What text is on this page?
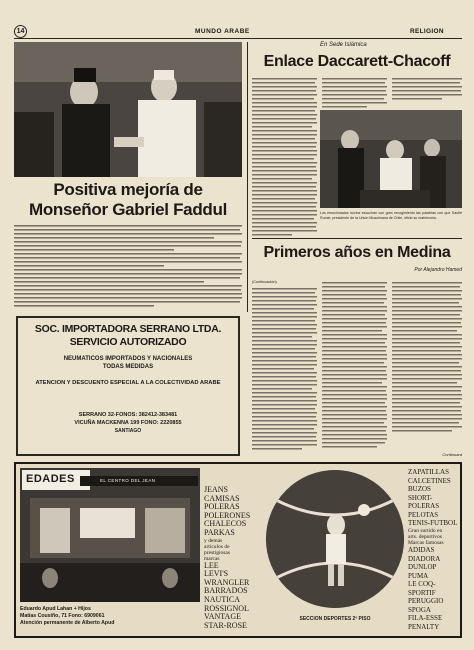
14	MUNDO ARABE	RELIGION
Positiva mejoría de
Monseñor Gabriel Faddul
En Sede Islámica
Enlace Daccarett-Chacoff
Los emocionados novios escuchan con gran recogimiento las palabras con que Saufié Rumie, presidente de la Unión Musulmana de Chile, ofició su matrimonio.
Primeros años en Medina
Por Alejandro Hamed
(Continuación)
Continuará
SOC. IMPORTADORA SERRANO LTDA.
SERVICIO AUTORIZADO
NEUMATICOS IMPORTADOS Y NACIONALES
TODAS MEDIDAS
ATENCION Y DESCUENTO ESPECIAL A LA COLECTIVIDAD ARABE
SERRANO 32-FONOS: 382412-383481
VICUÑA MACKENNA 199 FONO: 2220855
SANTIAGO
EDADES	EL CENTRO DEL JEAN
Eduardo Apud Lahan + Hijos
Matías Cousiño, 71 Fono: 6909061
Atención permanente de Alberto Apud
JEANS
CAMISAS
POLERAS
POLERONES
CHALECOS
PARKAS
y demás
artículos de
prestigiosas
marcas
LEE
LEVI'S
WRANGLER
BARRADOS
NAUTICA
ROSSIGNOL
VANTAGE
STAR-ROSE
SECCION DEPORTES 2º PISO
ZAPATILLAS
CALCETINES
BUZOS
SHORT-POLERAS
PELOTAS
TENIS-FUTBOL
Gran surtido en
arts. deportivos
Marcas famosas
ADIDAS
DIADORA
DUNLOP
PUMA
LE COQ-SPORTIF
PERUGGIO
SPOGA
FILA-ESSE
PENALTY
